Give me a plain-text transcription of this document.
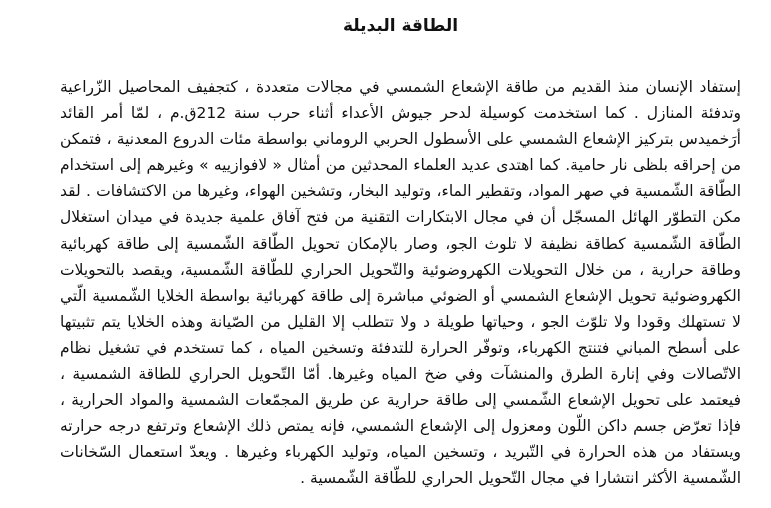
الطاقة البديلة

إستفاد الإنسان منذ القديم من طاقة الإشعاع الشمسي في مجالات متعددة ، كتجفيف المحاصيل الزّراعية وتدفئة المنازل . كما استخدمت كوسيلة لدحر جيوش الأعداء أثناء حرب سنة 212ق.م ، لمّا أمر القائد أرَخميدس بتركيز الإشعاع الشمسي على الأسطول الحربي الروماني بواسطة مئات الدروع المعدنية ، فتمكن من إحراقه بلظى نار حامية. كما اهتدى عديد العلماء المحدثين من أمثال « لافوازييه » وغيرهم إلى استخدام الطّاقة الشّمسية في صهر المواد، وتقطير الماء، وتوليد البخار، وتشخين الهواء، وغيرها من الاكتشافات . لقد مكن التطوّر الهائل المسجّل أن في مجال الابتكارات التقنية من فتح آفاق علمية جديدة في ميدان استغلال الطّاقة الشّمسية كطاقة نظيفة لا تلوث الجو، وصار بالإمكان تحويل الطّاقة الشّمسية إلى طاقة كهربائية وطاقة حرارية ، من خلال التحويلات الكهروضوئية والتّحويل الحراري للطّاقة الشّمسية، ويقصد بالتحويلات الكهروضوئية تحويل الإشعاع الشمسي أو الضوئي مباشرة إلى طاقة كهربائية بواسطة الخلايا الشّمسية الّتي لا تستهلك وقودا ولا تلوّث الجو ، وحياتها طويلة د ولا تتطلب إلا القليل من الصّيانة وهذه الخلايا يتم تثبيتها على أسطح المباني فتنتج الكهرباء، وتوفّر الحرارة للتدفئة وتسخين المياه ، كما تستخدم في تشغيل نظام الاتّصالات وفي إنارة الطرق والمنشآت وفي ضخ المياه وغيرها. أمّا التّحويل الحراري للطاقة الشمسية ، فيعتمد على تحويل الإشعاع الشّمسي إلى طاقة حرارية عن طريق المجمّعات الشمسية والمواد الحرارية ، فإذا تعرّض جسم داكن اللّون ومعزول إلى الإشعاع الشمسي، فإنه يمتص ذلك الإشعاع وترتفع درجه حرارته ويستفاد من هذه الحرارة في التّبريد ، وتسخين المياه، وتوليد الكهرباء وغيرها . ويعدّ استعمال السّخانات الشّمسية الأكثر انتشارا في مجال التّحويل الحراري للطّاقة الشّمسية .
